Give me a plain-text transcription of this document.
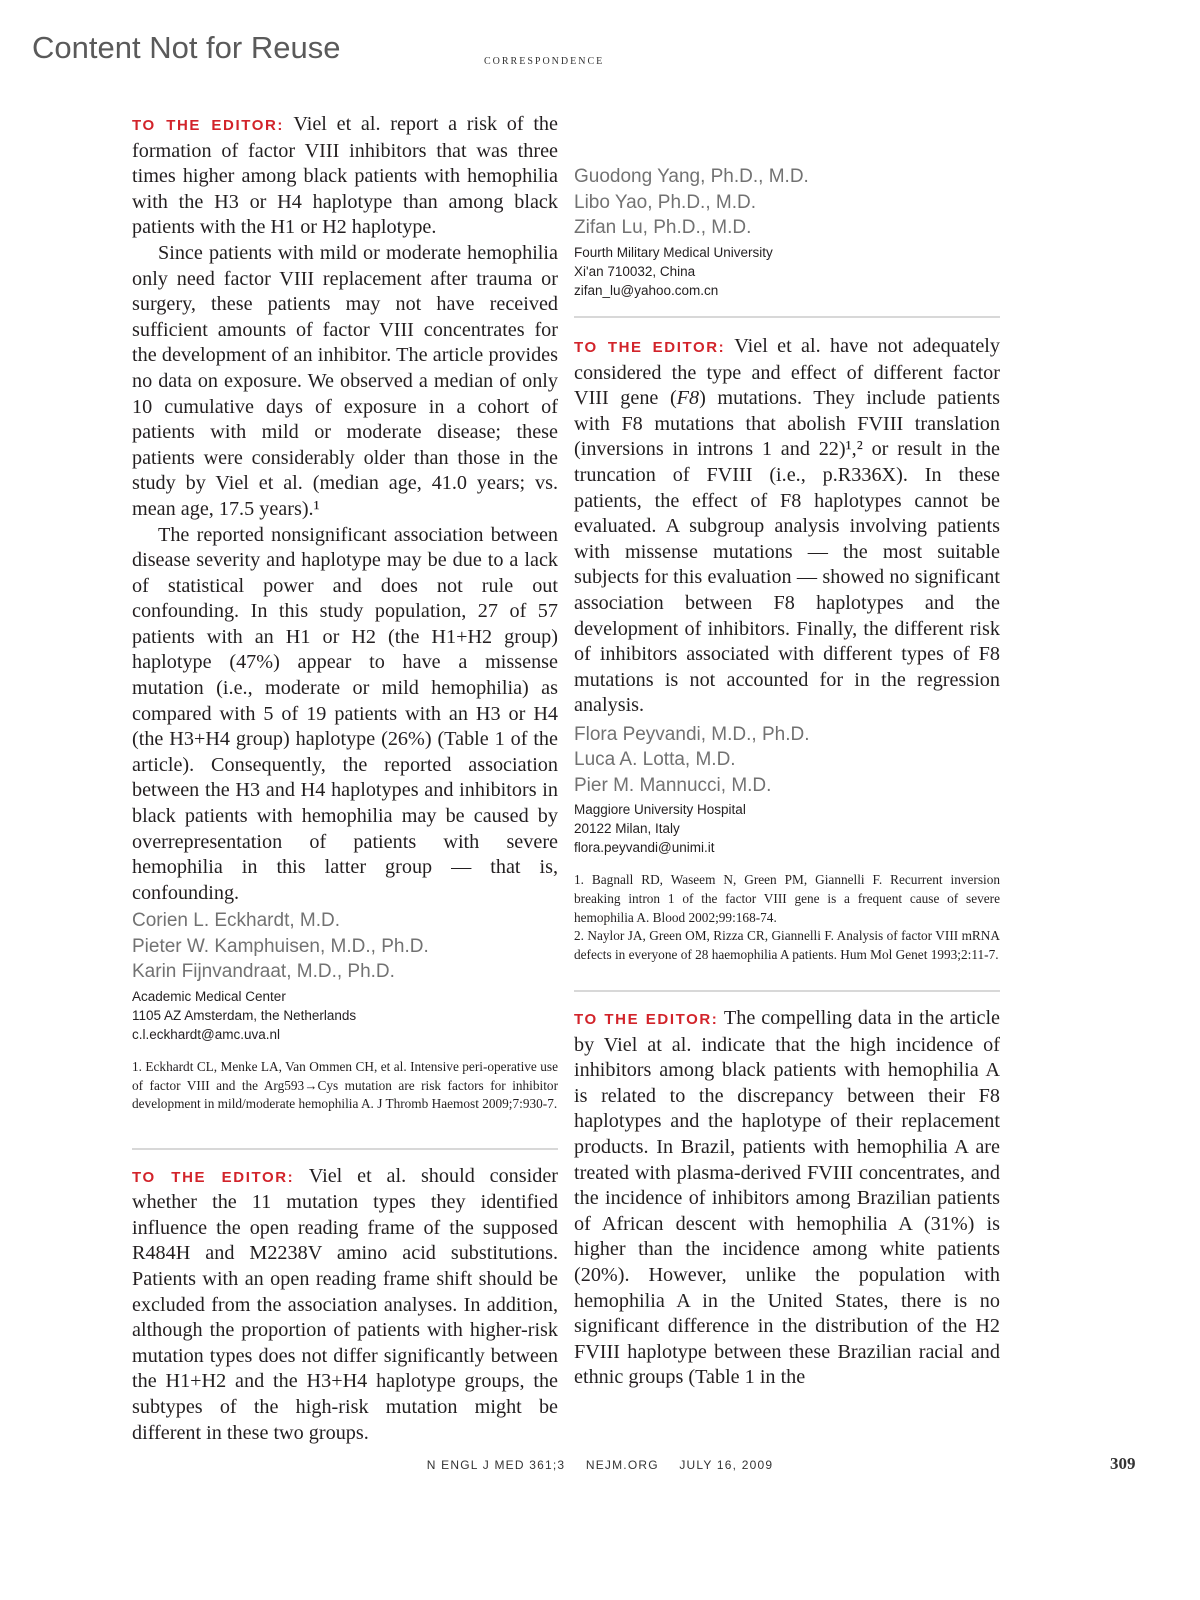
Content Not for Reuse	correspondence

TO THE EDITOR: Viel et al. report a risk of the formation of factor VIII inhibitors that was three times higher among black patients with hemophilia with the H3 or H4 haplotype than among black patients with the H1 or H2 haplotype.

Since patients with mild or moderate hemophilia only need factor VIII replacement after trauma or surgery, these patients may not have received sufficient amounts of factor VIII concentrates for the development of an inhibitor. The article provides no data on exposure. We observed a median of only 10 cumulative days of exposure in a cohort of patients with mild or moderate disease; these patients were considerably older than those in the study by Viel et al. (median age, 41.0 years; vs. mean age, 17.5 years).¹

The reported nonsignificant association between disease severity and haplotype may be due to a lack of statistical power and does not rule out confounding. In this study population, 27 of 57 patients with an H1 or H2 (the H1+H2 group) haplotype (47%) appear to have a missense mutation (i.e., moderate or mild hemophilia) as compared with 5 of 19 patients with an H3 or H4 (the H3+H4 group) haplotype (26%) (Table 1 of the article). Consequently, the reported association between the H3 and H4 haplotypes and inhibitors in black patients with hemophilia may be caused by overrepresentation of patients with severe hemophilia in this latter group — that is, confounding.

Corien L. Eckhardt, M.D.
Pieter W. Kamphuisen, M.D., Ph.D.
Karin Fijnvandraat, M.D., Ph.D.
Academic Medical Center
1105 AZ Amsterdam, the Netherlands
c.l.eckhardt@amc.uva.nl
1. Eckhardt CL, Menke LA, Van Ommen CH, et al. Intensive peri-operative use of factor VIII and the Arg593→Cys mutation are risk factors for inhibitor development in mild/moderate hemophilia A. J Thromb Haemost 2009;7:930-7.

TO THE EDITOR: Viel et al. should consider whether the 11 mutation types they identified influence the open reading frame of the supposed R484H and M2238V amino acid substitutions. Patients with an open reading frame shift should be excluded from the association analyses. In addition, although the proportion of patients with higher-risk mutation types does not differ significantly between the H1+H2 and the H3+H4 haplotype groups, the subtypes of the high-risk mutation might be different in these two groups.

Guodong Yang, Ph.D., M.D.
Libo Yao, Ph.D., M.D.
Zifan Lu, Ph.D., M.D.
Fourth Military Medical University
Xi'an 710032, China
zifan_lu@yahoo.com.cn

TO THE EDITOR: Viel et al. have not adequately considered the type and effect of different factor VIII gene (F8) mutations. They include patients with F8 mutations that abolish FVIII translation (inversions in introns 1 and 22)¹,² or result in the truncation of FVIII (i.e., p.R336X). In these patients, the effect of F8 haplotypes cannot be evaluated. A subgroup analysis involving patients with missense mutations — the most suitable subjects for this evaluation — showed no significant association between F8 haplotypes and the development of inhibitors. Finally, the different risk of inhibitors associated with different types of F8 mutations is not accounted for in the regression analysis.

Flora Peyvandi, M.D., Ph.D.
Luca A. Lotta, M.D.
Pier M. Mannucci, M.D.
Maggiore University Hospital
20122 Milan, Italy
flora.peyvandi@unimi.it
1. Bagnall RD, Waseem N, Green PM, Giannelli F. Recurrent inversion breaking intron 1 of the factor VIII gene is a frequent cause of severe hemophilia A. Blood 2002;99:168-74.
2. Naylor JA, Green OM, Rizza CR, Giannelli F. Analysis of factor VIII mRNA defects in everyone of 28 haemophilia A patients. Hum Mol Genet 1993;2:11-7.

TO THE EDITOR: The compelling data in the article by Viel at al. indicate that the high incidence of inhibitors among black patients with hemophilia A is related to the discrepancy between their F8 haplotypes and the haplotype of their replacement products. In Brazil, patients with hemophilia A are treated with plasma-derived FVIII concentrates, and the incidence of inhibitors among Brazilian patients of African descent with hemophilia A (31%) is higher than the incidence among white patients (20%). However, unlike the population with hemophilia A in the United States, there is no significant difference in the distribution of the H2 FVIII haplotype between these Brazilian racial and ethnic groups (Table 1 in the

N ENGL J MED 361;3 NEJM.ORG JULY 16, 2009	309
